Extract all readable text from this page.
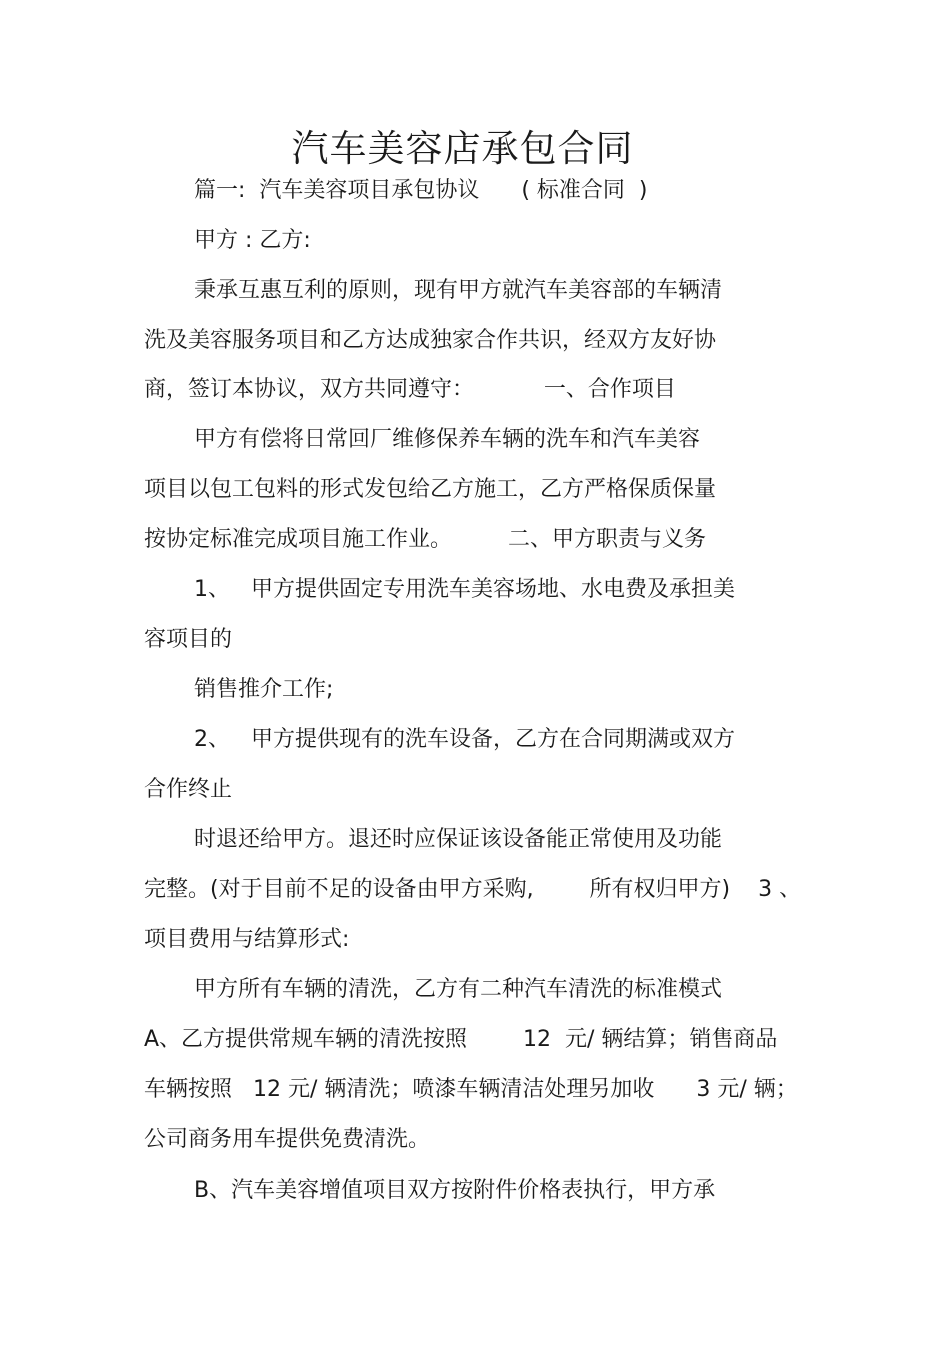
汽车美容店承包合同
篇一:  汽车美容项目承包协议      ( 标准合同  )
甲方 : 乙方:
秉承互惠互利的原则，现有甲方就汽车美容部的车辆清
洗及美容服务项目和乙方达成独家合作共识，经双方友好协
商，签订本协议，双方共同遵守：          一、合作项目
甲方有偿将日常回厂维修保养车辆的洗车和汽车美容
项目以包工包料的形式发包给乙方施工，乙方严格保质保量
按协定标准完成项目施工作业。        二、甲方职责与义务
1、   甲方提供固定专用洗车美容场地、水电费及承担美
容项目的
销售推介工作;
2、   甲方提供现有的洗车设备，乙方在合同期满或双方
合作终止
时退还给甲方。退还时应保证该设备能正常使用及功能
完整。(对于目前不足的设备由甲方采购,        所有权归甲方)    3 、
项目费用与结算形式:
甲方所有车辆的清洗，乙方有二种汽车清洗的标准模式
A、乙方提供常规车辆的清洗按照        12  元/ 辆结算；销售商品
车辆按照   12 元/ 辆清洗；喷漆车辆清洁处理另加收      3 元/ 辆；
公司商务用车提供免费清洗。
B、汽车美容增值项目双方按附件价格表执行，甲方承
